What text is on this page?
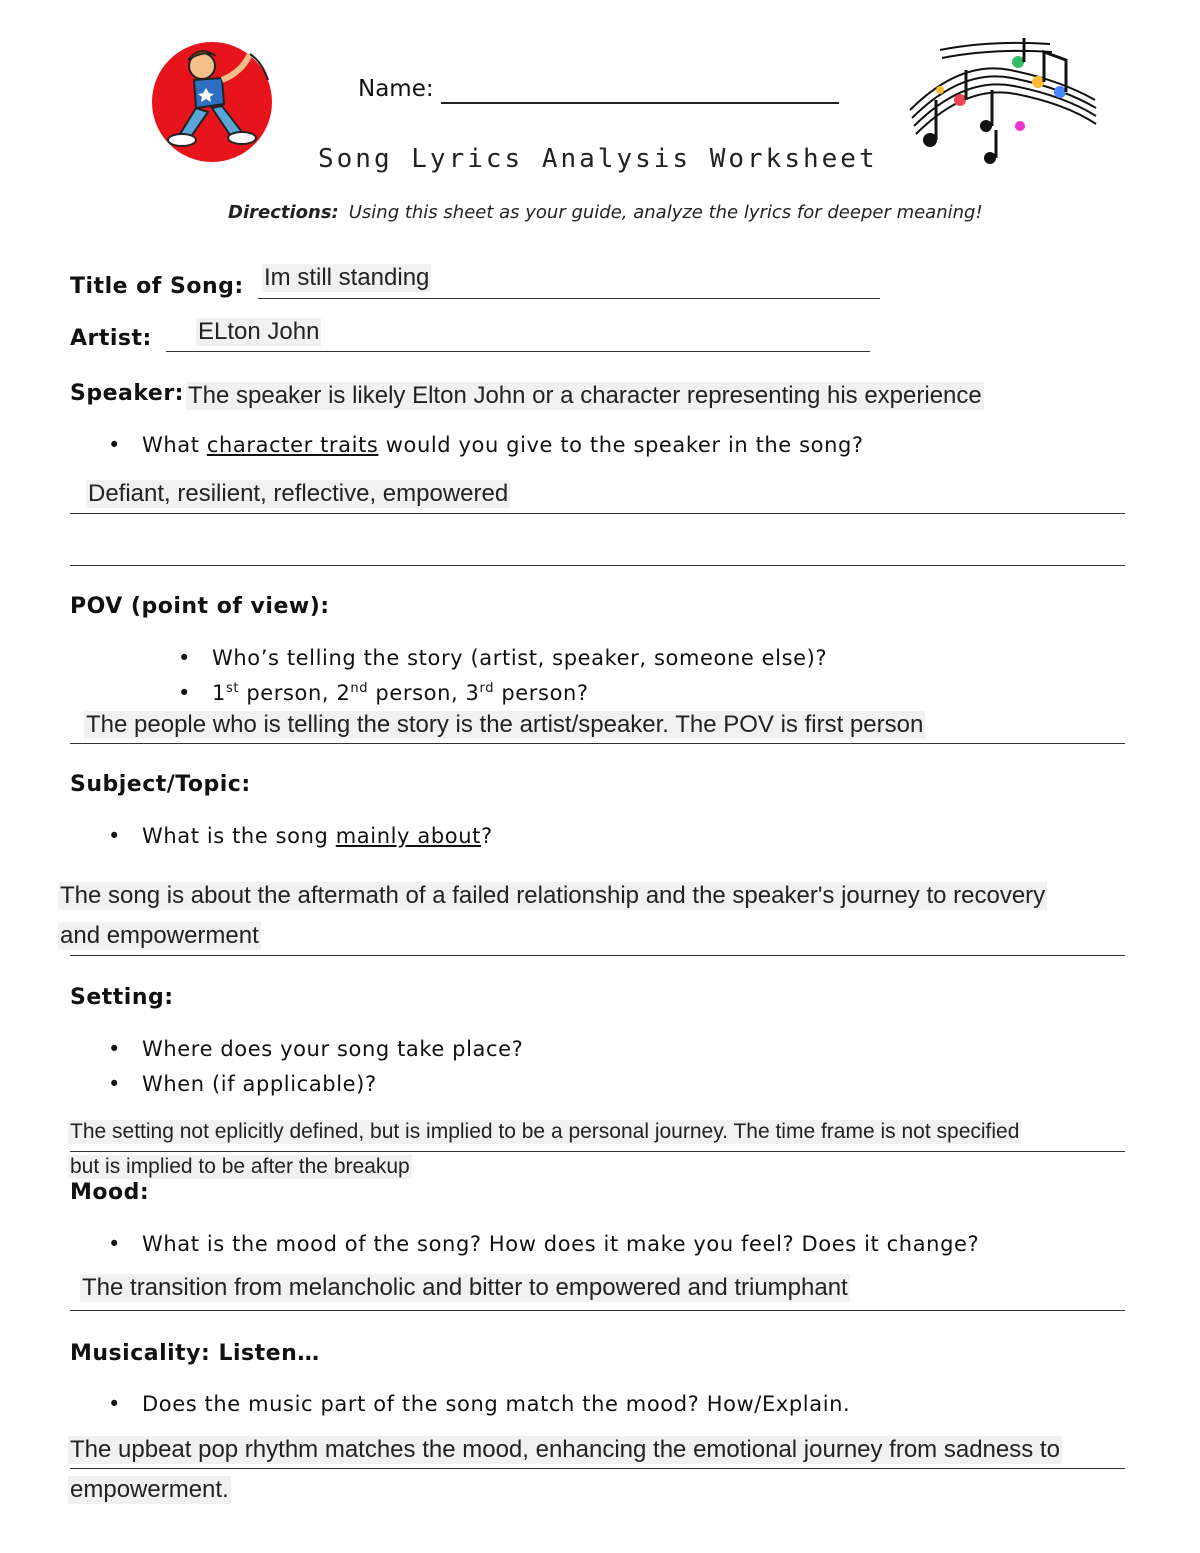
Name:
Song Lyrics Analysis Worksheet
Directions: Using this sheet as your guide, analyze the lyrics for deeper meaning!
Title of Song: Im still standing
Artist: ELton John
Speaker: The speaker is likely Elton John or a character representing his experience
• What character traits would you give to the speaker in the song?
Defiant, resilient, reflective, empowered
POV (point of view):
• Who’s telling the story (artist, speaker, someone else)?
• 1st person, 2nd person, 3rd person?
The people who is telling the story is the artist/speaker. The POV is first person
Subject/Topic:
• What is the song mainly about?
The song is about the aftermath of a failed relationship and the speaker's journey to recovery
and empowerment
Setting:
• Where does your song take place?
• When (if applicable)?
The setting not eplicitly defined, but is implied to be a personal journey. The time frame is not specified
but is implied to be after the breakup
Mood:
• What is the mood of the song? How does it make you feel? Does it change?
The transition from melancholic and bitter to empowered and triumphant
Musicality: Listen…
• Does the music part of the song match the mood? How/Explain.
The upbeat pop rhythm matches the mood, enhancing the emotional journey from sadness to
empowerment.
